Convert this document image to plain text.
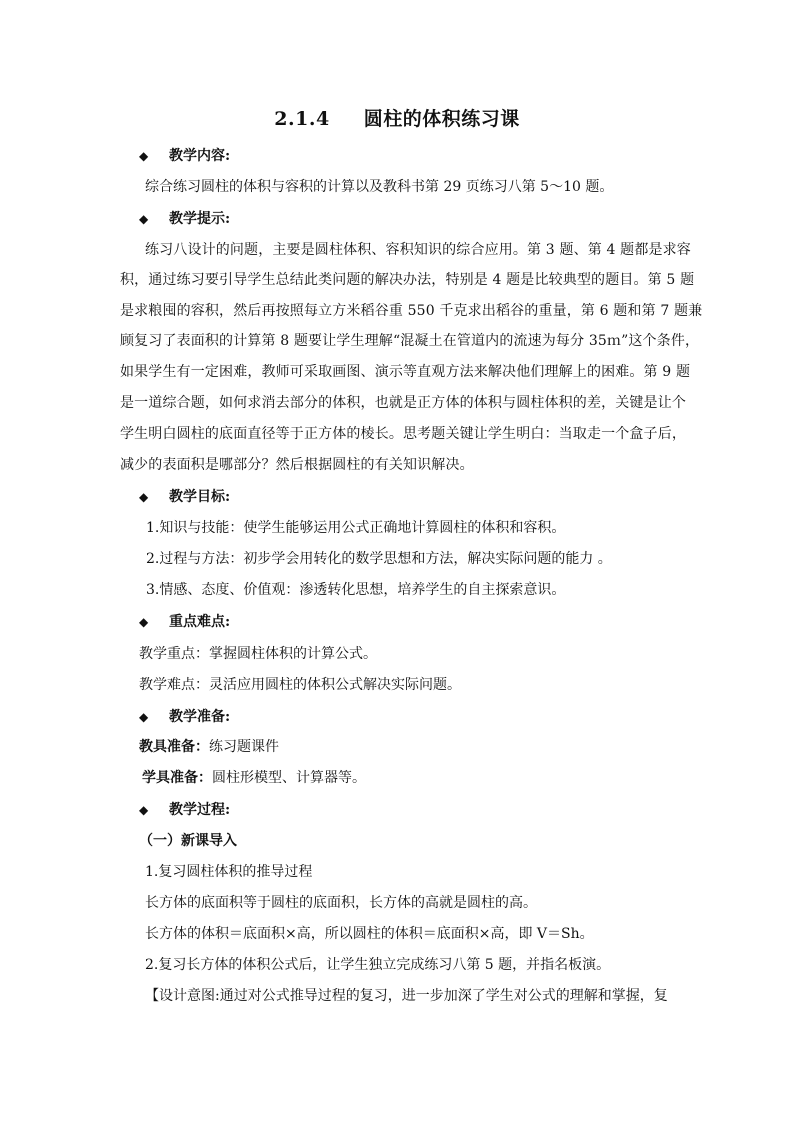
2.1.4 圆柱的体积练习课
◆ 教学内容:
综合练习圆柱的体积与容积的计算以及教科书第 29 页练习八第 5～10 题。
◆ 教学提示:
练习八设计的问题，主要是圆柱体积、容积知识的综合应用。第 3 题、第 4 题都是求容
积，通过练习要引导学生总结此类问题的解决办法，特别是 4 题是比较典型的题目。第 5 题
是求粮囤的容积，然后再按照每立方米稻谷重 550 千克求出稻谷的重量，第 6 题和第 7 题兼
顾复习了表面积的计算第 8 题要让学生理解“混凝土在管道内的流速为每分 35ｍ”这个条件，
如果学生有一定困难，教师可采取画图、演示等直观方法来解决他们理解上的困难。第 9 题
是一道综合题，如何求消去部分的体积，也就是正方体的体积与圆柱体积的差，关键是让个
学生明白圆柱的底面直径等于正方体的棱长。思考题关键让学生明白：当取走一个盒子后，
减少的表面积是哪部分？然后根据圆柱的有关知识解决。
◆ 教学目标:
1.知识与技能：使学生能够运用公式正确地计算圆柱的体积和容积。
2.过程与方法：初步学会用转化的数学思想和方法，解决实际问题的能力 。
3.情感、态度、价值观：渗透转化思想，培养学生的自主探索意识。
◆ 重点难点:
教学重点：掌握圆柱体积的计算公式。
教学难点：灵活应用圆柱的体积公式解决实际问题。
◆ 教学准备:
教具准备：练习题课件
学具准备：圆柱形模型、计算器等。
◆ 教学过程:
（一）新课导入
1.复习圆柱体积的推导过程
长方体的底面积等于圆柱的底面积，长方体的高就是圆柱的高。
长方体的体积＝底面积×高，所以圆柱的体积＝底面积×高，即 V＝Sh。
2.复习长方体的体积公式后，让学生独立完成练习八第 5 题，并指名板演。
【设计意图:通过对公式推导过程的复习，进一步加深了学生对公式的理解和掌握，复
